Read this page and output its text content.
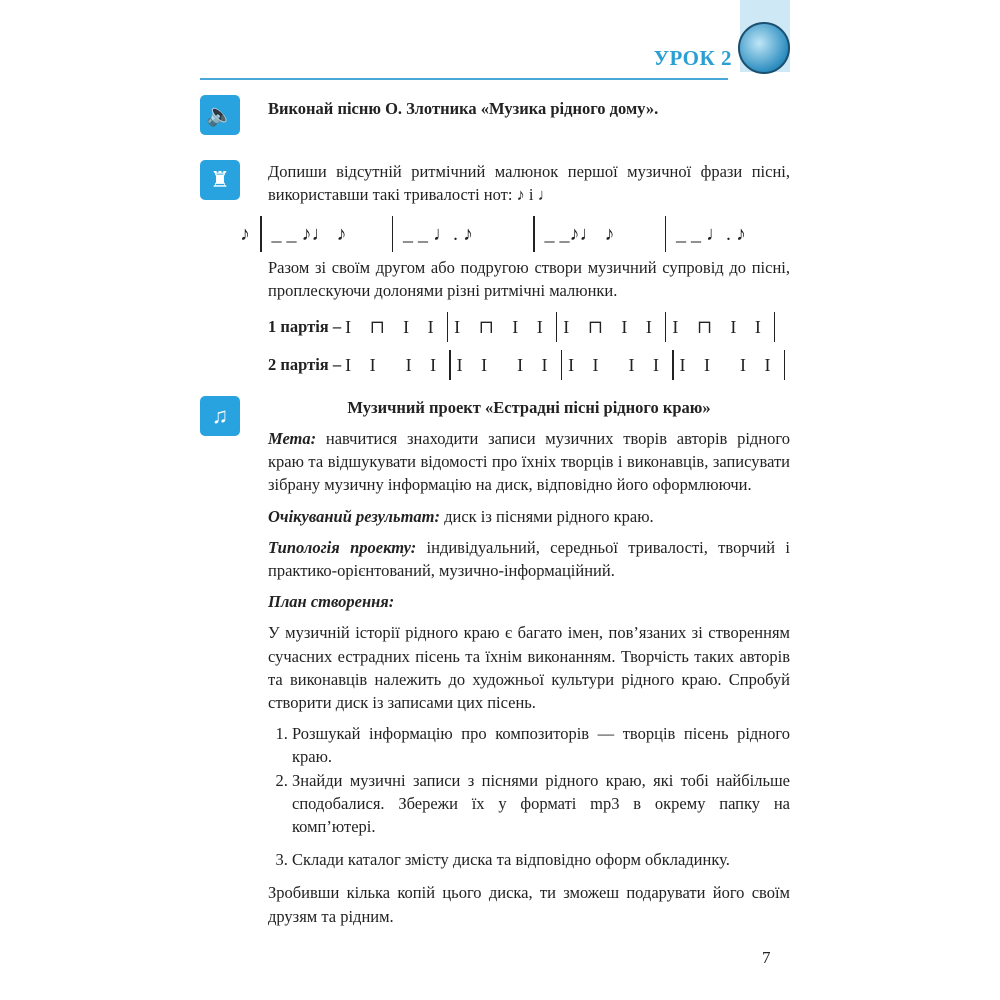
УРОК 2
🔈	Виконай пісню О. Злотника «Музика рідного дому».
♜	Допиши відсутній ритмічний малюнок першої музичної фрази пісні, використавши такі тривалості нот: ♪ і ♩
♪ _ _ ♪♩ ♪	_ _ ♩. ♪	_ _♪♩ ♪	_ _ ♩. ♪
Разом зі своїм другом або подругою створи музичний супровід до пісні, проплескуючи долонями різні ритмічні малюнки.
1 партія – I ⊓ I I I ⊓ I I I ⊓ I I I ⊓ I I
2 партія – I I  I I I I  I I I I  I I I I  I I
♫	Музичний проект «Естрадні пісні рідного краю»
Мета: навчитися знаходити записи музичних творів авторів рідного краю та відшукувати відомості про їхніх творців і виконавців, записувати зібрану музичну інформацію на диск, відповідно його оформлюючи.
Очікуваний результат: диск із піснями рідного краю.
Типологія проекту: індивідуальний, середньої тривалості, творчий і практико-орієнтований, музично-інформаційний.
План створення:
У музичній історії рідного краю є багато імен, пов’язаних зі створенням сучасних естрадних пісень та їхнім виконанням. Творчість таких авторів та виконавців належить до художньої культури рідного краю. Спробуй створити диск із записами цих пісень.
1. Розшукай інформацію про композиторів — творців пісень рідного краю.
2. Знайди музичні записи з піснями рідного краю, які тобі найбільше сподобалися. Збережи їх у форматі mp3 в окрему папку на комп’ютері.
3. Склади каталог змісту диска та відповідно оформ обкладинку.
Зробивши кілька копій цього диска, ти зможеш подарувати його своїм друзям та рідним.
7
